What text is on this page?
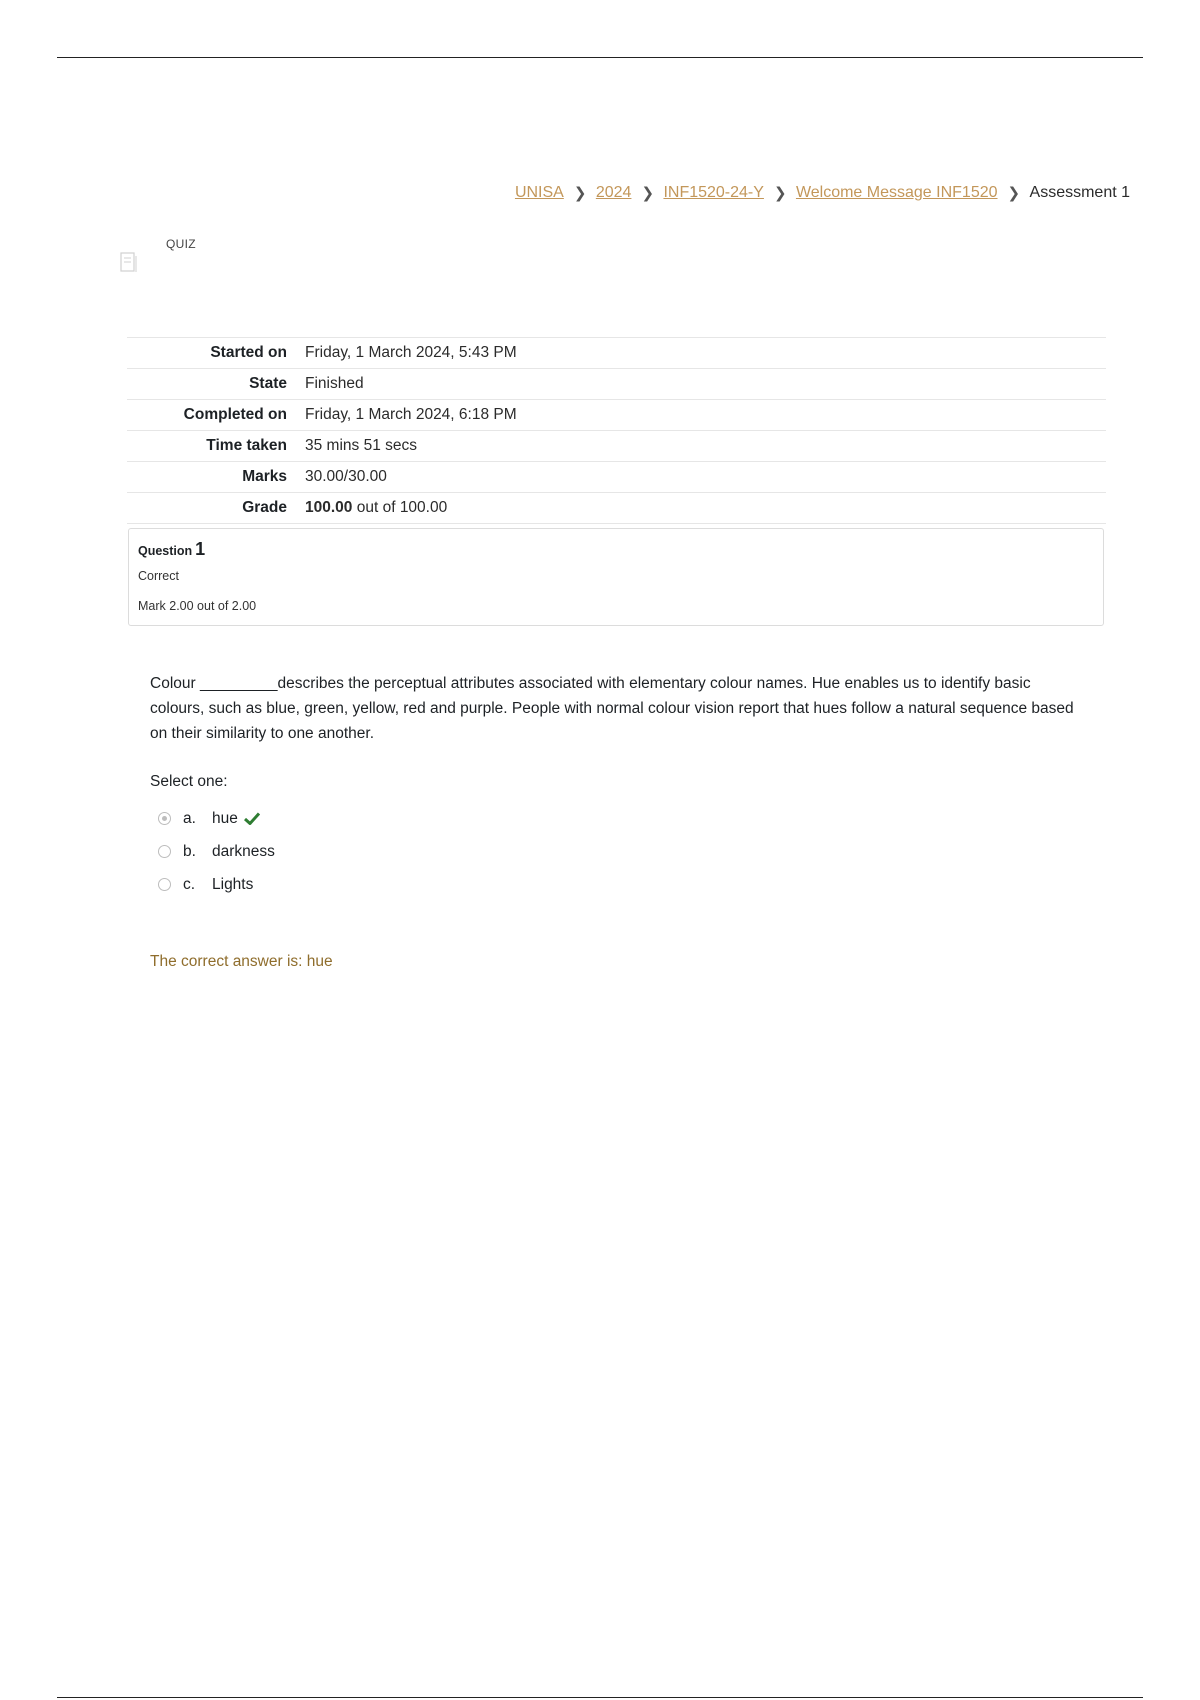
UNISA ❯ 2024 ❯ INF1520-24-Y ❯ Welcome Message INF1520 ❯ Assessment 1
QUIZ
Started on	Friday, 1 March 2024, 5:43 PM
State	Finished
Completed on	Friday, 1 March 2024, 6:18 PM
Time taken	35 mins 51 secs
Marks	30.00/30.00
Grade	100.00 out of 100.00
Question 1
Correct
Mark 2.00 out of 2.00
Colour _________describes the perceptual attributes associated with elementary colour names. Hue enables us to identify basic colours, such as blue, green, yellow, red and purple. People with normal colour vision report that hues follow a natural sequence based on their similarity to one another.
Select one:
a.	hue
b.	darkness
c.	Lights
The correct answer is: hue
